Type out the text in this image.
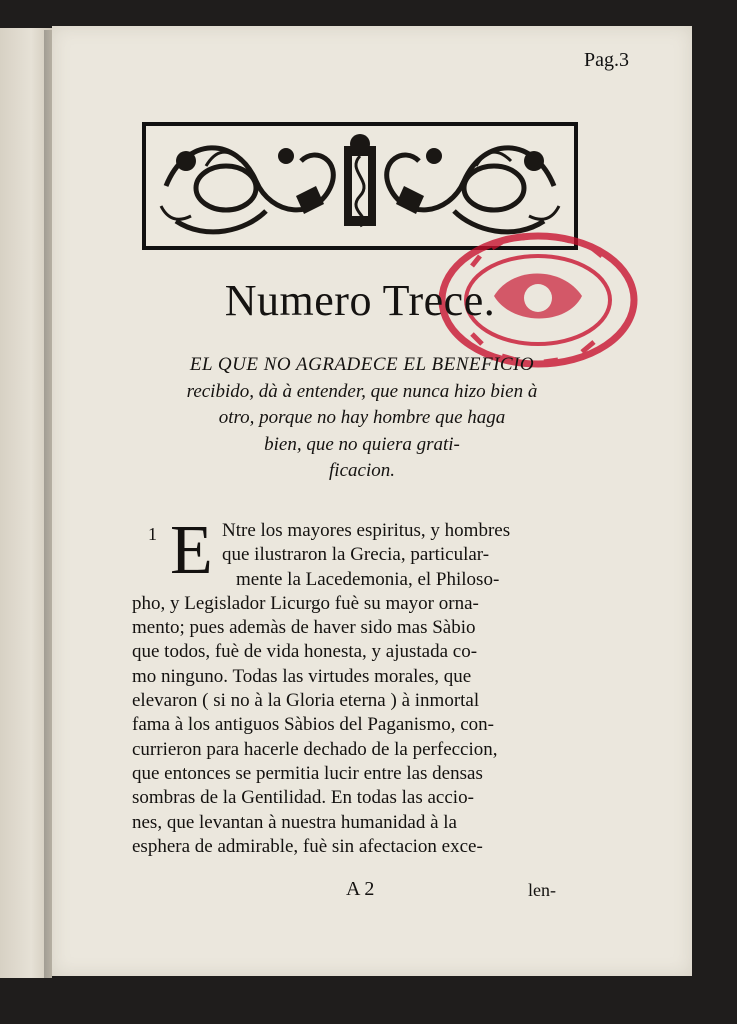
Pag.3
Numero Trece.
EL QUE NO AGRADECE EL BENEFICIO
recibido, dà à entender, que nunca hizo bien à
otro, porque no hay hombre que haga
bien, que no quiera grati-
ficacion.
1 E Ntre los mayores espiritus, y hombres
que ilustraron la Grecia, particular-
mente la Lacedemonia, el Philoso-
pho, y Legislador Licurgo fuè su mayor orna-
mento; pues ademàs de haver sido mas Sàbio
que todos, fuè de vida honesta, y ajustada co-
mo ninguno. Todas las virtudes morales, que
elevaron ( si no à la Gloria eterna ) à inmortal
fama à los antiguos Sàbios del Paganismo, con-
currieron para hacerle dechado de la perfeccion,
que entonces se permitia lucir entre las densas
sombras de la Gentilidad. En todas las accio-
nes, que levantan à nuestra humanidad à la
esphera de admirable, fuè sin afectacion exce-
A 2	len-
